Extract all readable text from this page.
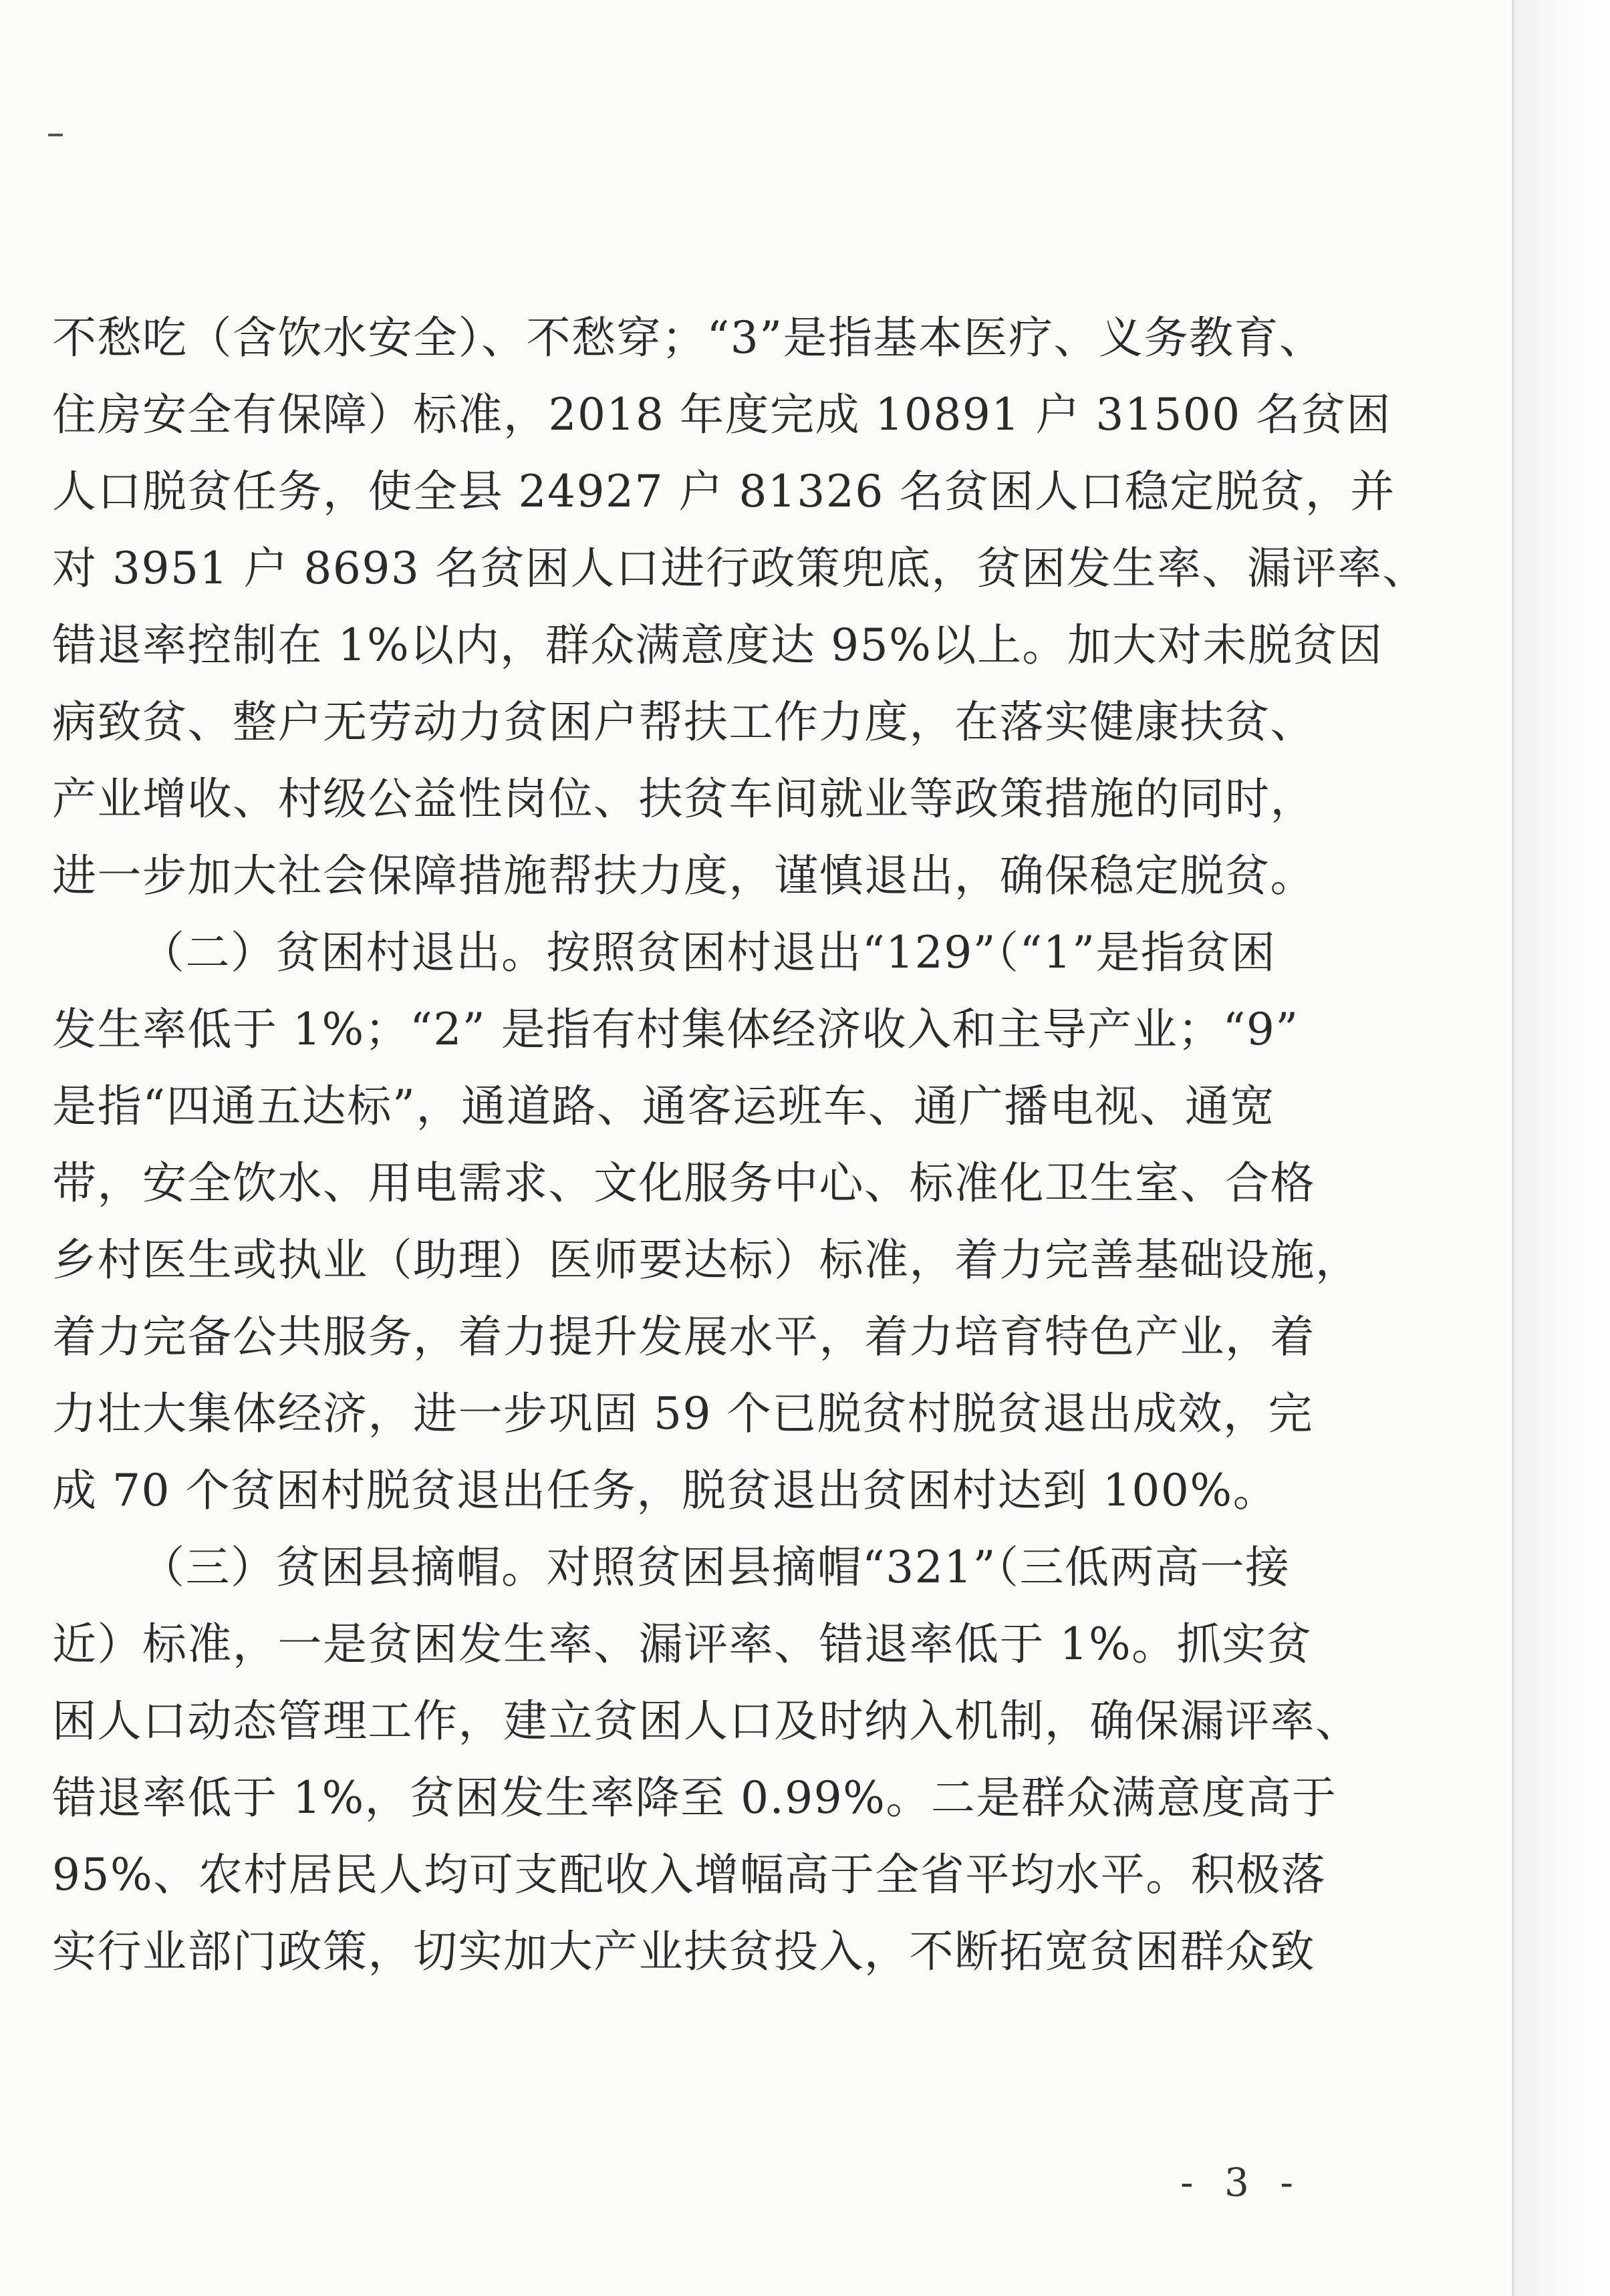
不愁吃（含饮水安全）、不愁穿；“3”是指基本医疗、义务教育、
住房安全有保障）标准，2018 年度完成 10891 户 31500 名贫困
人口脱贫任务，使全县 24927 户 81326 名贫困人口稳定脱贫，并
对 3951 户 8693 名贫困人口进行政策兜底，贫困发生率、漏评率、
错退率控制在 1%以内，群众满意度达 95%以上。加大对未脱贫因
病致贫、整户无劳动力贫困户帮扶工作力度，在落实健康扶贫、
产业增收、村级公益性岗位、扶贫车间就业等政策措施的同时，
进一步加大社会保障措施帮扶力度，谨慎退出，确保稳定脱贫。
（二）贫困村退出。按照贫困村退出“129”（“1”是指贫困
发生率低于 1%；“2” 是指有村集体经济收入和主导产业；“9”
是指“四通五达标”，通道路、通客运班车、通广播电视、通宽
带，安全饮水、用电需求、文化服务中心、标准化卫生室、合格
乡村医生或执业（助理）医师要达标）标准，着力完善基础设施，
着力完备公共服务，着力提升发展水平，着力培育特色产业，着
力壮大集体经济，进一步巩固 59 个已脱贫村脱贫退出成效，完
成 70 个贫困村脱贫退出任务，脱贫退出贫困村达到 100%。
（三）贫困县摘帽。对照贫困县摘帽“321”（三低两高一接
近）标准，一是贫困发生率、漏评率、错退率低于 1%。抓实贫
困人口动态管理工作，建立贫困人口及时纳入机制，确保漏评率、
错退率低于 1%，贫困发生率降至 0.99%。二是群众满意度高于
95%、农村居民人均可支配收入增幅高于全省平均水平。积极落
实行业部门政策，切实加大产业扶贫投入，不断拓宽贫困群众致
- 3 -
